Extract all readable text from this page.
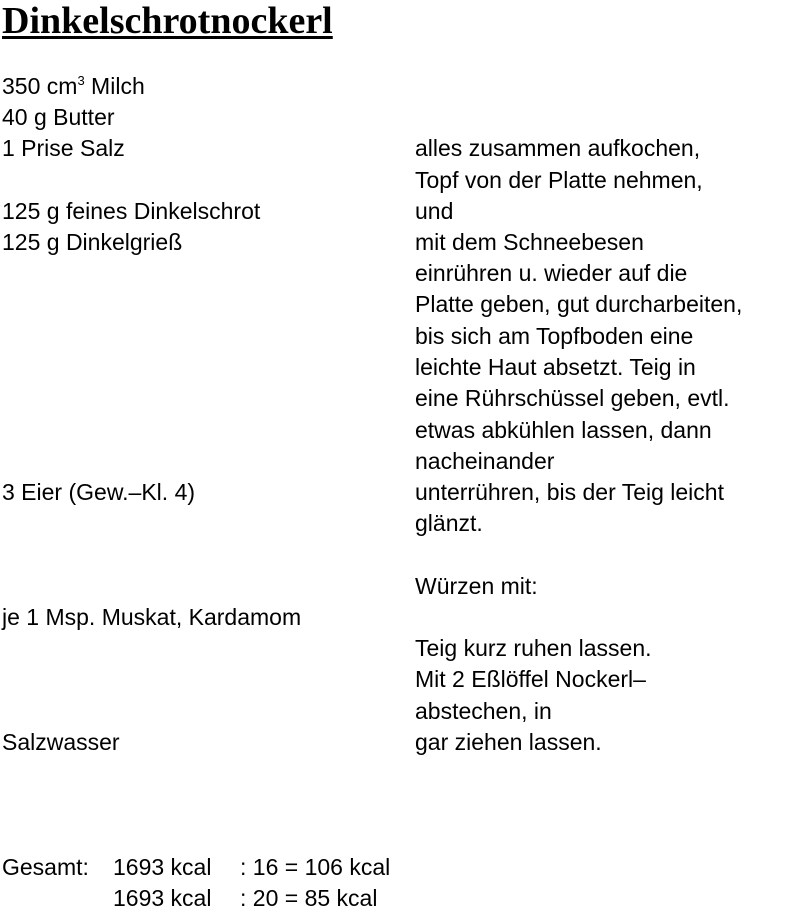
Dinkelschrotnockerl
350 $cm^3$ Milch
40 g Butter
1 Prise Salz
125 g feines Dinkelschrot
125 g Dinkelgrieß
3 Eier (Gew.–Kl. 4)
je 1 Msp. Muskat, Kardamom
Salzwasser
alles zusammen aufkochen,
Topf von der Platte nehmen,
und
mit dem Schneebesen
einrühren u. wieder auf die
Platte geben, gut durcharbeiten,
bis sich am Topfboden eine
leichte Haut absetzt. Teig in
eine Rührschüssel geben, evtl.
etwas abkühlen lassen, dann
nacheinander
unterrühren, bis der Teig leicht
glänzt.
Würzen mit:
Teig kurz ruhen lassen.
Mit 2 Eßlöffel Nockerl–
abstechen, in
gar ziehen lassen.
Gesamt: 1693 kcal : 16 = 106 kcal
1693 kcal : 20 = 85 kcal
